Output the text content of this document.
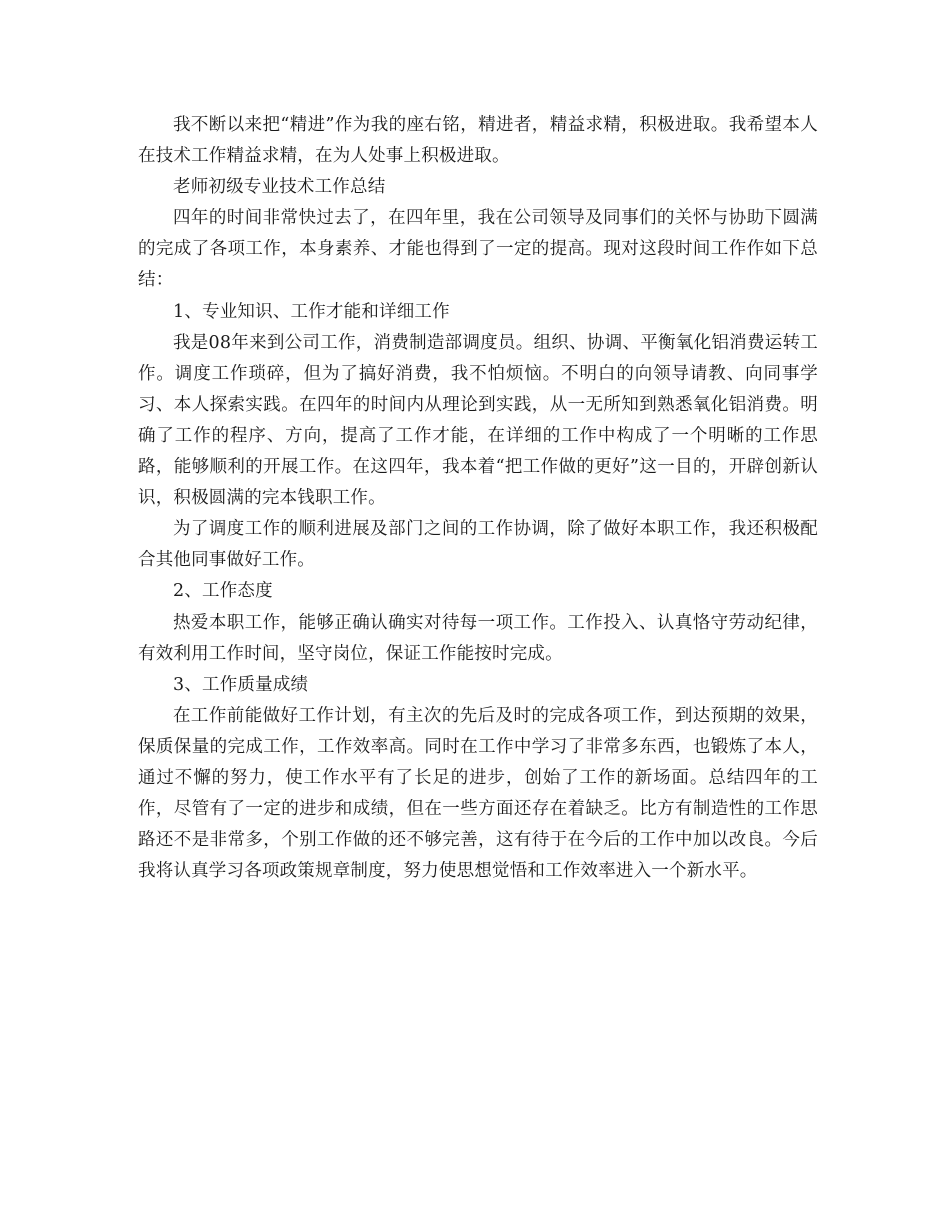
我不断以来把“精进”作为我的座右铭，精进者，精益求精，积极进取。我希望本人在技术工作精益求精，在为人处事上积极进取。

老师初级专业技术工作总结

四年的时间非常快过去了，在四年里，我在公司领导及同事们的关怀与协助下圆满的完成了各项工作，本身素养、才能也得到了一定的提高。现对这段时间工作作如下总结：

1、专业知识、工作才能和详细工作

我是08年来到公司工作，消费制造部调度员。组织、协调、平衡氧化铝消费运转工作。调度工作琐碎，但为了搞好消费，我不怕烦恼。不明白的向领导请教、向同事学习、本人探索实践。在四年的时间内从理论到实践，从一无所知到熟悉氧化铝消费。明确了工作的程序、方向，提高了工作才能，在详细的工作中构成了一个明晰的工作思路，能够顺利的开展工作。在这四年，我本着“把工作做的更好”这一目的，开辟创新认识，积极圆满的完本钱职工作。

为了调度工作的顺利进展及部门之间的工作协调，除了做好本职工作，我还积极配合其他同事做好工作。

2、工作态度

热爱本职工作，能够正确认确实对待每一项工作。工作投入、认真恪守劳动纪律，有效利用工作时间，坚守岗位，保证工作能按时完成。

3、工作质量成绩

在工作前能做好工作计划，有主次的先后及时的完成各项工作，到达预期的效果，保质保量的完成工作，工作效率高。同时在工作中学习了非常多东西，也锻炼了本人，通过不懈的努力，使工作水平有了长足的进步，创始了工作的新场面。总结四年的工作，尽管有了一定的进步和成绩，但在一些方面还存在着缺乏。比方有制造性的工作思路还不是非常多，个别工作做的还不够完善，这有待于在今后的工作中加以改良。今后我将认真学习各项政策规章制度，努力使思想觉悟和工作效率进入一个新水平。
